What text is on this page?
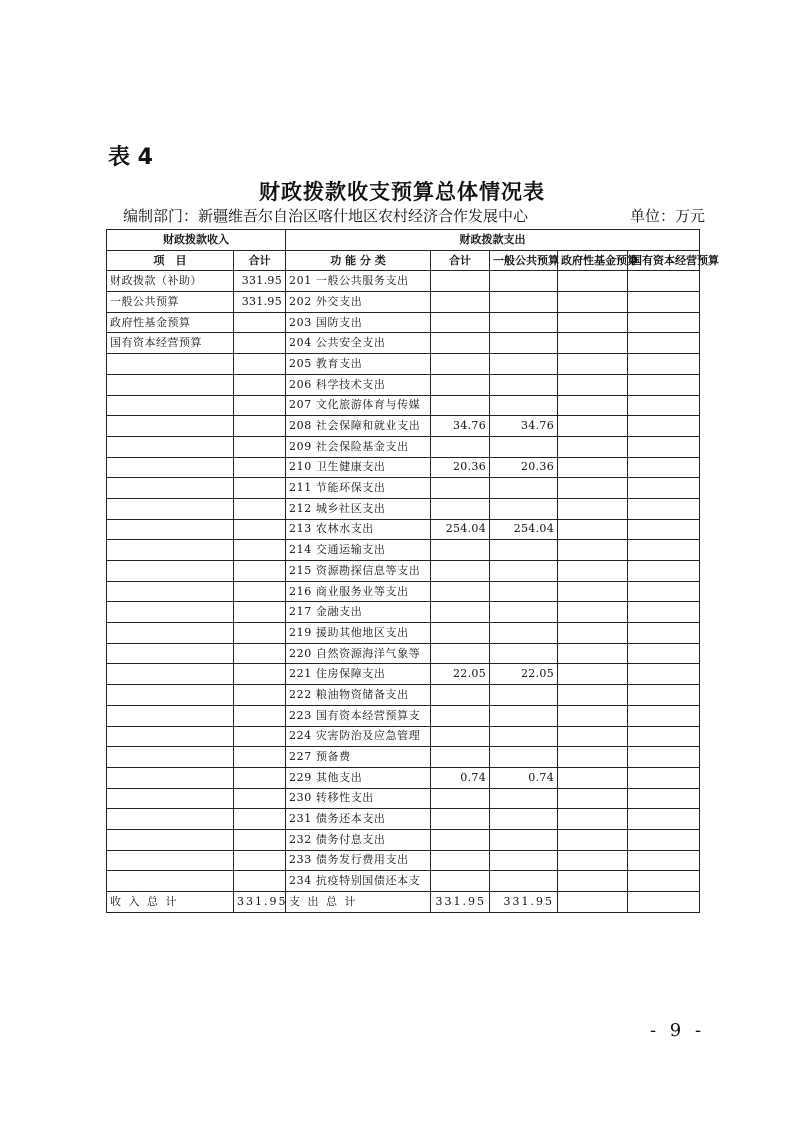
表 4
财政拨款收支预算总体情况表
编制部门：新疆维吾尔自治区喀什地区农村经济合作发展中心	单位：万元
财政拨款收入		财政拨款支出				
项　目	合计	功 能 分 类	合计	一般公共预算	政府性基金预算	国有资本经营预算
财政拨款（补助）	331.95	201 一般公共服务支出				
一般公共预算	331.95	202 外交支出				
政府性基金预算		203 国防支出				
国有资本经营预算		204 公共安全支出				
		205 教育支出				
		206 科学技术支出				
		207 文化旅游体育与传媒				
		208 社会保障和就业支出	34.76	34.76		
		209 社会保险基金支出				
		210 卫生健康支出	20.36	20.36		
		211 节能环保支出				
		212 城乡社区支出				
		213 农林水支出	254.04	254.04		
		214 交通运输支出				
		215 资源勘探信息等支出				
		216 商业服务业等支出				
		217 金融支出				
		219 援助其他地区支出				
		220 自然资源海洋气象等				
		221 住房保障支出	22.05	22.05		
		222 粮油物资储备支出				
		223 国有资本经营预算支				
		224 灾害防治及应急管理				
		227 预备费				
		229 其他支出	0.74	0.74		
		230 转移性支出				
		231 债务还本支出				
		232 债务付息支出				
		233 债务发行费用支出				
		234 抗疫特别国债还本支				
收 入 总 计	331.95	支 出 总 计	331.95	331.95		
- 9 -
